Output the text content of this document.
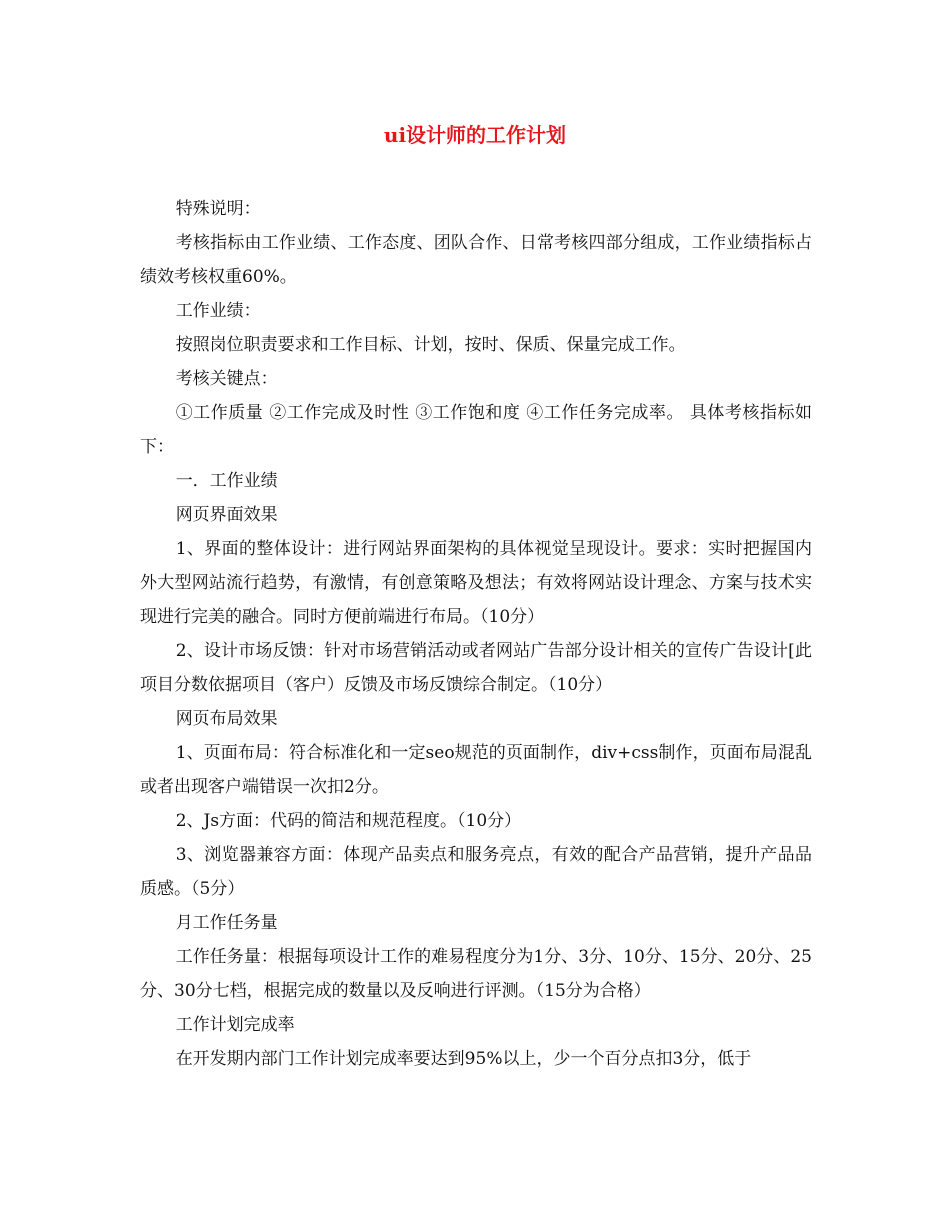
ui设计师的工作计划

特殊说明：

考核指标由工作业绩、工作态度、团队合作、日常考核四部分组成，工作业绩指标占绩效考核权重60%。

工作业绩：

按照岗位职责要求和工作目标、计划，按时、保质、保量完成工作。

考核关键点：

①工作质量 ②工作完成及时性 ③工作饱和度 ④工作任务完成率。 具体考核指标如下：

一．工作业绩

网页界面效果

1、界面的整体设计：进行网站界面架构的具体视觉呈现设计。要求：实时把握国内外大型网站流行趋势，有激情，有创意策略及想法；有效将网站设计理念、方案与技术实现进行完美的融合。同时方便前端进行布局。（10分）

2、设计市场反馈：针对市场营销活动或者网站广告部分设计相关的宣传广告设计[此项目分数依据项目（客户）反馈及市场反馈综合制定。（10分）

网页布局效果

1、页面布局：符合标准化和一定seo规范的页面制作，div+css制作，页面布局混乱或者出现客户端错误一次扣2分。

2、Js方面：代码的简洁和规范程度。（10分）

3、浏览器兼容方面：体现产品卖点和服务亮点，有效的配合产品营销，提升产品品质感。（5分）

月工作任务量

工作任务量：根据每项设计工作的难易程度分为1分、3分、10分、15分、20分、25分、30分七档，根据完成的数量以及反响进行评测。（15分为合格）

工作计划完成率

在开发期内部门工作计划完成率要达到95%以上，少一个百分点扣3分，低于
